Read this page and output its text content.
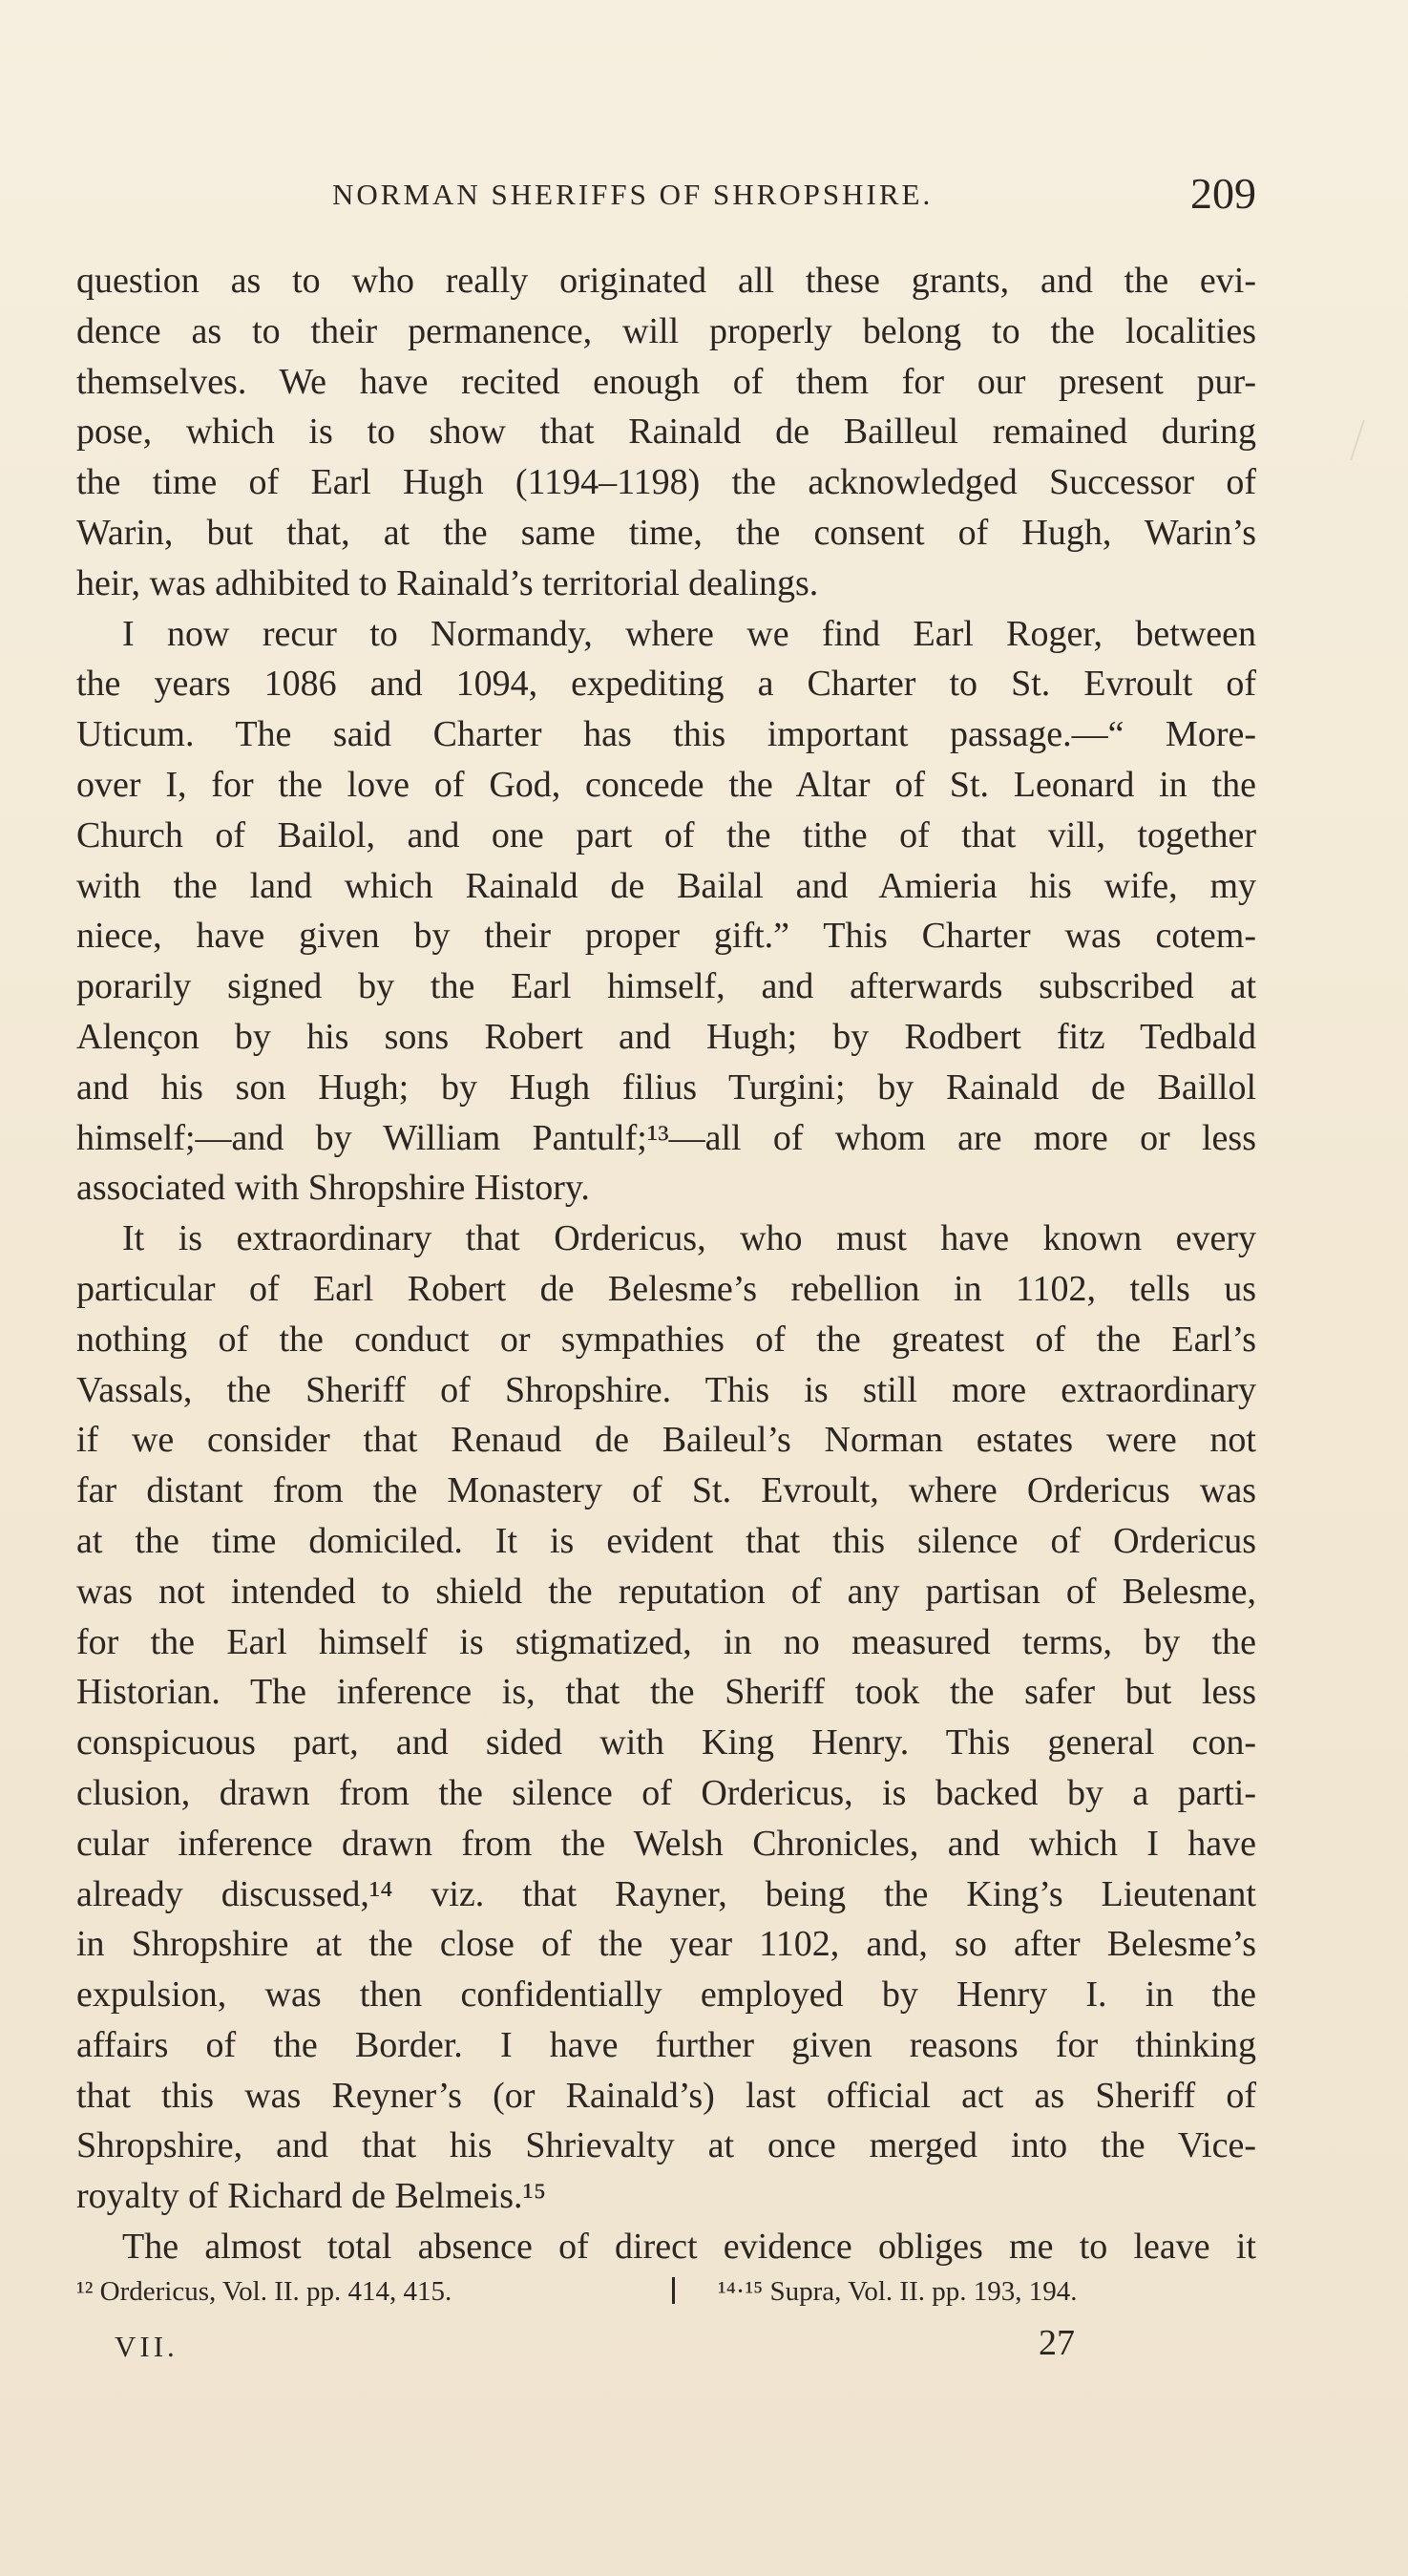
NORMAN SHERIFFS OF SHROPSHIRE.	209
question as to who really originated all these grants, and the evi-
dence as to their permanence, will properly belong to the localities
themselves. We have recited enough of them for our present pur-
pose, which is to show that Rainald de Bailleul remained during
the time of Earl Hugh (1194–1198) the acknowledged Successor of
Warin, but that, at the same time, the consent of Hugh, Warin’s
heir, was adhibited to Rainald’s territorial dealings.
I now recur to Normandy, where we find Earl Roger, between
the years 1086 and 1094, expediting a Charter to St. Evroult of
Uticum. The said Charter has this important passage.—“ More-
over I, for the love of God, concede the Altar of St. Leonard in the
Church of Bailol, and one part of the tithe of that vill, together
with the land which Rainald de Bailal and Amieria his wife, my
niece, have given by their proper gift.” This Charter was cotem-
porarily signed by the Earl himself, and afterwards subscribed at
Alençon by his sons Robert and Hugh; by Rodbert fitz Tedbald
and his son Hugh; by Hugh filius Turgini; by Rainald de Baillol
himself;—and by William Pantulf;¹³—all of whom are more or less
associated with Shropshire History.
It is extraordinary that Ordericus, who must have known every
particular of Earl Robert de Belesme’s rebellion in 1102, tells us
nothing of the conduct or sympathies of the greatest of the Earl’s
Vassals, the Sheriff of Shropshire. This is still more extraordinary
if we consider that Renaud de Baileul’s Norman estates were not
far distant from the Monastery of St. Evroult, where Ordericus was
at the time domiciled. It is evident that this silence of Ordericus
was not intended to shield the reputation of any partisan of Belesme,
for the Earl himself is stigmatized, in no measured terms, by the
Historian. The inference is, that the Sheriff took the safer but less
conspicuous part, and sided with King Henry. This general con-
clusion, drawn from the silence of Ordericus, is backed by a parti-
cular inference drawn from the Welsh Chronicles, and which I have
already discussed,¹⁴ viz. that Rayner, being the King’s Lieutenant
in Shropshire at the close of the year 1102, and, so after Belesme’s
expulsion, was then confidentially employed by Henry I. in the
affairs of the Border. I have further given reasons for thinking
that this was Reyner’s (or Rainald’s) last official act as Sheriff of
Shropshire, and that his Shrievalty at once merged into the Vice-
royalty of Richard de Belmeis.¹⁵
The almost total absence of direct evidence obliges me to leave it
¹² Ordericus, Vol. II. pp. 414, 415.	¹⁴·¹⁵ Supra, Vol. II. pp. 193, 194.
VII.	27
